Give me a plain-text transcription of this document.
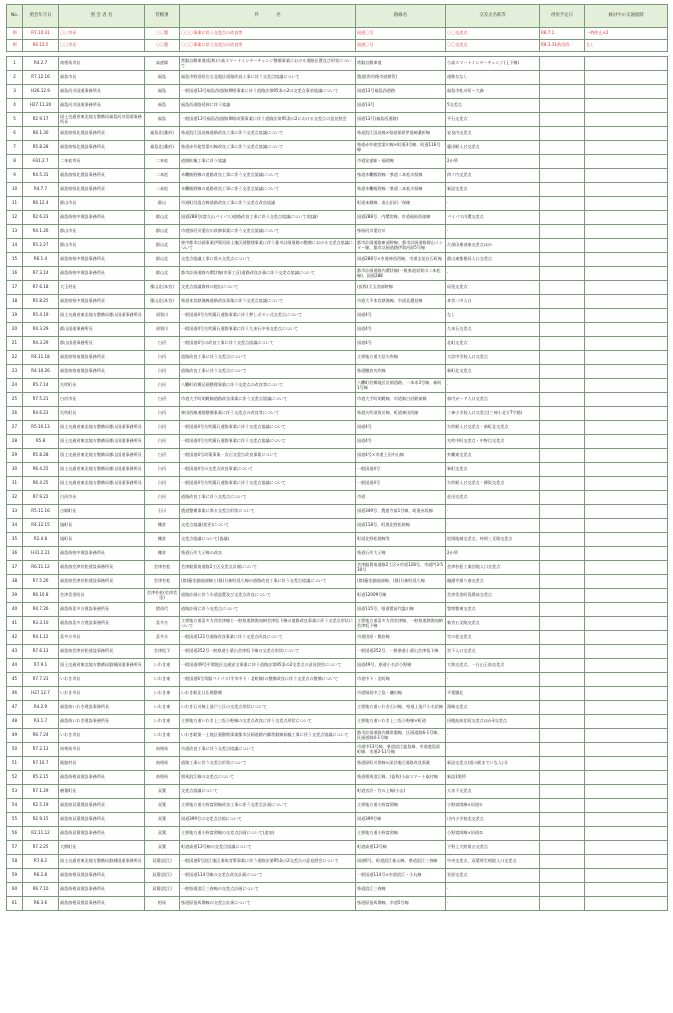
No.	照会年月日	照 会 者 名	管轄署	件　　　　名	路線名	交差点名称等	供用予定日	検討中の交通規制
例	R7.10.31	〇〇市長	〇〇署	〇〇〇事業に伴う交差点の改良等	国道〇号	〇〇交差点	R8.7.1	一時停止×2
例	R6.12.5	〇〇市長	〇〇署	〇〇〇事業に伴う交差点の改良等	国道〇号	〇〇交差点	R8.3.31供用済	なし

1	R4.2.7	南相馬市長	高速隊	常磐自動車道(仮称)小高スマートインターチェンジ整備事業における道路仕置及び形状について	常磐自動車道	小高スマートインターチェンジ(上下線)		
2	R7.12.16	福島市長	福島	福島市野田町在宅北地区道路改良工事に伴う交差点協議について	農道(供用後市道移管)	通称名なし		
3	H26.12.9	福島河川国道事務所長	福島	一般国道13号福島西道路(Ⅱ期)事業に伴う道路法第95条の2の交差点事前協議について	国道13号福島西道路	福島市松川町〜大森		
4	H27.11.20	福島河川国道事務所長	福島	福島西道路延伸に伴う協議	国道13号	5交差点		
5	R2.9.17	国土交通省東北地方整備局福島河川国道事務所長	福島	一般国道13号福島西道路(Ⅱ期)改築事業に伴う道路法第95条の2における交差点の意見照会	国道13号(福島西道路)	平石交差点		
6	R6.1.30	福島県県北建設事務所長	福島北(桑折)	県道浪江国見線道路改良工事に伴う交差点協議について	県道浪江国見線×県道保原伊達崎桑折線	安良内交差点		
7	R5.8.28	福島県県北建設事務所長	福島北(桑折)	県道赤井姥堂梁川線改良工事に伴う交差点協議について	県道赤井姥堂梁川線×町道3号線、町道116号線	藤田駅入口交差点		
8	H31.2.7	二本松市長	二本松	道路拡幅工事に伴う協議	市道安達駅・福岡線	2か所		
9	R4.5.31	福島県県北建設事務所長	二本松	木幡飯野線の道路改良工事に伴う交差点協議について	県道木幡飯野線／県道二本松川俣線	四ノ内交差点		
10	R4.7.7	福島県県北建設事務所長	二本松	木幡飯野線の道路改良工事に伴う交差点協議について	県道木幡飯野線／県道二本松川俣線	新設交差点		
11	R6.12.4	郡山市長	郡山	市道町尻落合線道路改良工事に伴う交差点改良協議	町道本郷線、南山田田／保線	-		
12	R2.6.23	福島県県中建設事務所長	郡山北	国道288号(富久山バイパス)道路改良工事に伴う交差点協議について(協議)	国道288号、内環状線、市道福原西部線	バイパス内環交差点		
13	R4.1.26	郡山市長	郡山北	市道県河川愛宕川改修事業に伴う交差点協議について	県県河川愛宕川	-		
14	R5.2.27	郡山市長	郡山北	東中都市計画事業伊賀河原土地区画整理事業に伴う都市計画道路の整備における交差点協議について	都市計画道路東部幹線、都市計画道路郡山インター線、都市計画道路伊賀河原5号線	久保田東部東交差点ほか		
15	R6.1.4	福島県県中建設事務所長	郡山北	交差点協議工事に係る交差点について	国道288号×市道神西西線、市道宝田白石町線	郡山東都便局入口交差点		
16	R7.3.14	福島県県中建設事務所長	郡山北	都市計画道路内環状線(市原工区)道路改良計画に伴う交差点協議について	都市計画道路内環状線(一般県道須賀川二本松線)、国道288	-		
17	R7.6.18	大玉村長	郡山北(本宮)	交差点協議資料の提出について	(仮称)大玉西部幹線	局免交差点		
18	R5.8.25	福島県県中建設事務所長	郡山北(本宮)	県道本宮熱海線道路改良事業に伴う交差点協議について	市道大平本宮熱海線、市道北濃見線	本宮二中入口		
19	R5.4.19	国土交通省東北地方整備局郡山国道事務所長	須賀川	一般国道4号矢吹鏡石道路事業に伴う押しボタン式交差点について	国道4号	なし		
20	R4.3.29	郡山国道事務所長	須賀川	一般国道4号矢吹鏡石道路事業に伴う久来石中央交差点について	国道4号	久来石交差点		
21	R4.3.29	郡山国道事務所長	白河	一般国道4号の改良工事に伴う交差点協議について	国道4号	北町交差点		
22	R4.11.18	福島県県南建設事務所長	白河	道路改良工事に伴う交差点について	主要地方道大信矢吹線	大信中学校入口交差点		
23	R4.10.26	福島県県南建設事務所長	白河	道路改良工事に伴う交差点について	県道棚倉矢吹線	新町北交差点		
24	R5.7.14	矢吹町長	白河	八幡町若郷区画整理事業に伴う交差点の改良等について	八幡町若郷地区計画道路、一本木3号線、新町1号線	-		
25	R7.5.21	白河市長	白河	市道大手町胡桃線道路改良事業に伴う交差点協議について	市道大手町胡桃線、市道新白河駅前線	郭内ガード入口交差点		
26	R4.6.23	矢吹町長	白河	神田西線道路整備事業に伴う交差点の改良等について	県道矢吹須賀川線、町道神田西線	三神小学校入口交差点(三神小北方T字路)		
27	R5.10.13	国土交通省東北地方整備局郡山国道事務所長	白河	一般国道4号矢吹鏡石道路事業に伴う交差点協議について	国道4号	矢吹駅入口交差点・新町北交差点		
28	R5.8	国土交通省東北地方整備局郡山国道事務所長	白河	一般国道4号矢吹鏡石道路事業に伴う交差点協議について	国道4号	矢吹中町交差点・中野目交差点		
29	R5.8.28	国土交通省東北地方整備局郡山国道事務所長	白河	一般国道4号改築事業・女石交差点改良事業について	国道4号×市道上田中山線	外灘東交差点		
30	R6.4.25	国土交通省東北地方整備局郡山国道事務所長	白河	一般国道4号の交差点改良事業について	一般国道4号	新町交差点		
31	R6.4.25	国土交通省東北地方整備局郡山国道事務所長	白河	一般国道4号矢吹鏡石道路事業に伴う交差点協議について	一般国道4号	矢吹駅入口交差点・柳坂交差点		
32	R7.9.22	白河市長	白河	道路改良工事に伴う交差点について	市道	荘田交差点		
33	R5.11.16	古殿町長	石川	農道整備事業に係る交差点形状について	国道349号、農道寺前1号線、町道赤坂線	-		
34	R4.12.15	塙町長	棚倉	交差点協議(変更)について	国道118号、町道北野松岡線	-		
35	R2.4.8	塙町長	棚倉	交差点協議について(協議)	町道北野松岡線等	松岡地域交差点、仲岡三叉路交差点		
36	H31.2.21	福島県県中建設事務所長	棚倉	県道石井大子線の改良	県道石井大子線	2か所		
37	R6.11.12	福島県会津若松建設事務所長	会津若松	会津縦貫南道路2工区交差点計画について	会津縦貫南道路2工区×市道128号、市道門3-530号	会津若松工業団地入口交差点		
38	R7.5.26	福島県会津若松建設事務所長	会津若松	(都)藤室錦池部線と(都)日新町延久線の道路改良工事に伴う交差点協議について	(都)藤室錦池部線、(都)日新町延久線	融通寺通り南交差点		
39	R6.10.8	会津美里町長	会津若松(会津美里)	道路計画に伴う歩道設置及び交差点改良について	町道12009号線	会津美里町役場前交差点		
40	R4.7.26	福島県喜多方建設事務所長	猪苗代	道路計画に伴う交差点について	国道115号、県道猪苗代塩川線	警察署東交差点		
41	R3.3.10	福島県喜多方建設事務所長	喜多方	主要地方道喜多方西会津線と一般県道熱海加納会津坂下線の道路改良事業に伴う交差点形状について	主要地方道喜多方西会津線、一般県道熱海加納会津坂下線	新宮五叉路交差点		
42	R4.1.12	喜多方市長	喜多方	一般国道121号道路改良事業に伴う交差点改良について	市道田原・熊倉線	竹の花交差点		
43	R7.6.13	福島県会津若松建設事務所長	会津坂下	一般国道252号一般県道小梁山会津坂下線の交差点形状について	一般国道252号、一般県道小梁山会津坂下線	宮下入口交差点		
44	R7.9.1	国土交通省東北地方整備局磐城国道事務所長	いわき東	一般国道49号平関地区交通安全事業に伴う道路法第95条の2交差点の意見照会について	国道49号、県道小名浜小野線	大和交差点、一日山王前交差点		
45	R7.7.23	いわき市長	いわき東	一般国道6号常磐バイパス(平市中下・北町線)の整備改良に伴う交差点の整備について	市道中下・北町線	-		
46	H27.12.7	いわき市長	いわき東	いわき駅北口広場整備	市道堀坂中之島・鎌田線	平愛橋北		
47	R4.2.9	福島県いわき建設事務所長	いわき東	いわき石川線上釜戸工区の交差点形状について	主要地方道いわき石川線、県道上釜戸小名浜線	湯崎交差点		
48	R3.1.7	福島県いわき建設事務所長	いわき東	主要地方道いわき上三坂小野線の交差点改良に伴う交差点形状について	主要地方道いわき上三坂小野線×町道	田植池前北町交差点ほか3交差点		
49	R6.7.24	いわき市長	いわき東	いわき駅第一土地区画整理事業都市計画道路内郷常磐線拡幅工事に伴う交差点協議について	都市計画道路内郷常磐線、区画道路6-1号線、区画道路4-1号線	-		
50	R7.2.13	南相馬市長	南相馬	市道改良工事に伴う交差点協議について	市道中13号線、県道浪江鹿島線、市道鹿島原町線、市道2-11号線	-		
51	R7.10.7	飯舘村長	南相馬	道路工事に伴う交差点形状について	県道原町川俣線×深谷地区道路改良事業	新設交差点(道の駅までいな入口)		
52	R5.2.15	福島県相双建設事務所長	南相馬	相馬浪江線の交差点について	県道相馬浪江線、(仮称)小高スマート取付線	新設1箇所		
53	R7.1.29	楢葉町長	双葉	交差点協議について	町道宮沢・竹の上線(小山)	大木下交差点		
54	R2.5.19	福島県双葉建設事務所長	双葉	主要地方道小野富岡線改良工事に伴う交差点計画について	主要地方道小野富岡線	小野富岡線×旧道①		
55	R2.9.15	福島県双葉建設事務所長	双葉	国道399号の交差点計画について	国道399号線	川内小学校北交差点		
56	R2.11.12	福島県双葉建設事務所長	双葉	主要地方道小野富岡線の交差点計画について(追加)	主要地方道小野富岡線	小野富岡線×旧道②		
57	R7.2.25	大熊町長	双葉	町道高道13号線の交差点協議について	町道高道13号線	下野上大野第五交差点		
58	R7.6.2	国土交通省東北地方整備局磐城国道事務所長	双葉(浪江)	一般国道6号浪江地区事故対策事業に伴う道路法第95条の2交差点の意見照会について	国道6号、町道浪江新山線、県道浪江三春線	中央交差点、双葉厚生病院入口交差点		
59	R6.2.8	福島県相双建設事務所長	双葉(浪江)	一般国道114号線の交差点改良計画について	一般国道114号×市道浪江・小丸線	室原交差点		
60	R6.7.10	福島県相双建設事務所長	双葉(浪江)	一般県道浪江三春線の交差点計画について	県道浪江三春線	-		
61	R6.3.6	福島県相双建設事務所長	相馬	県道原釜馬場線の交差点計画について	県道原釜馬場線、市道5号線	-		
